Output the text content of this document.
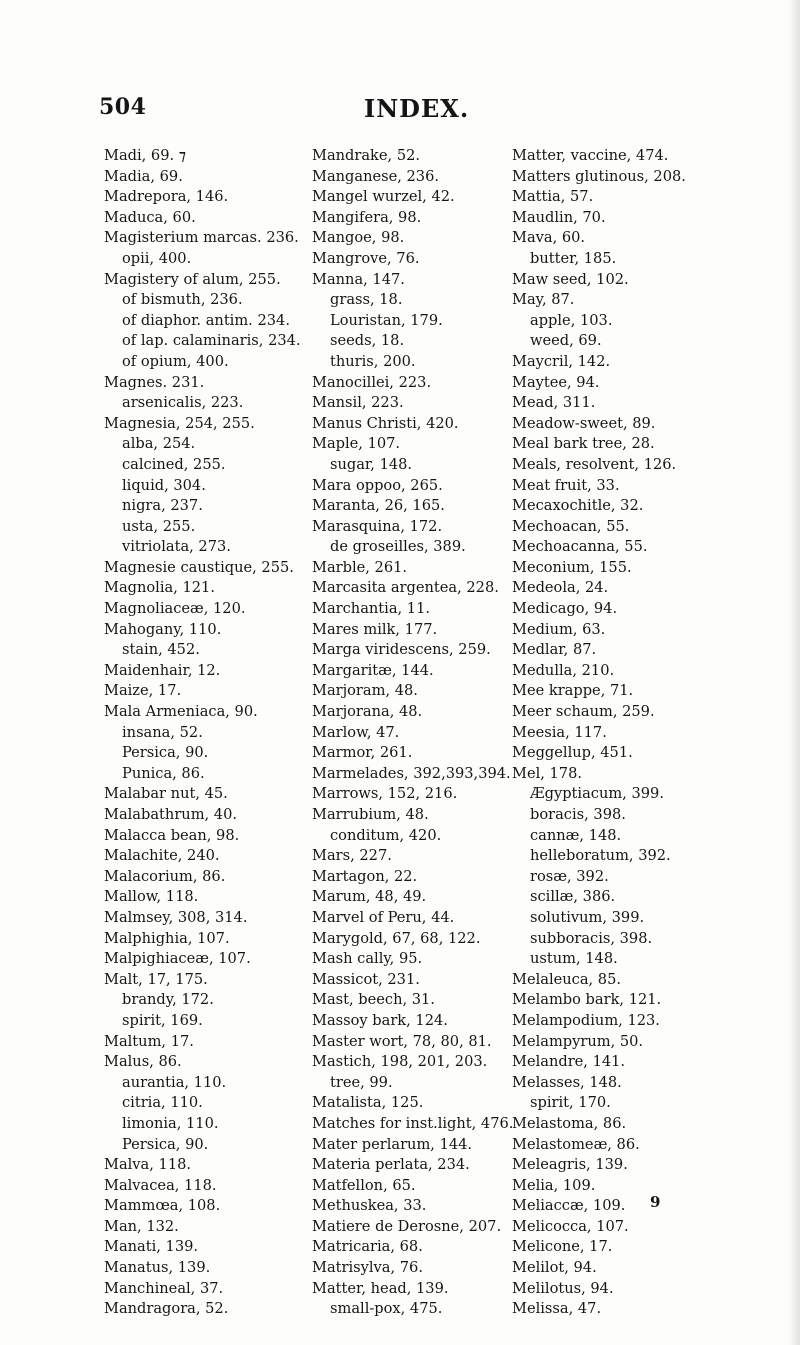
504	INDEX.
Madi, 69. ⁊
Madia, 69.
Madrepora, 146.
Maduca, 60.
Magisterium marcas. 236.
opii, 400.
Magistery of alum, 255.
of bismuth, 236.
of diaphor. antim. 234.
of lap. calaminaris, 234.
of opium, 400.
Magnes. 231.
arsenicalis, 223.
Magnesia, 254, 255.
alba, 254.
calcined, 255.
liquid, 304.
nigra, 237.
usta, 255.
vitriolata, 273.
Magnesie caustique, 255.
Magnolia, 121.
Magnoliaceæ, 120.
Mahogany, 110.
stain, 452.
Maidenhair, 12.
Maize, 17.
Mala Armeniaca, 90.
insana, 52.
Persica, 90.
Punica, 86.
Malabar nut, 45.
Malabathrum, 40.
Malacca bean, 98.
Malachite, 240.
Malacorium, 86.
Mallow, 118.
Malmsey, 308, 314.
Malphighia, 107.
Malpighiaceæ, 107.
Malt, 17, 175.
brandy, 172.
spirit, 169.
Maltum, 17.
Malus, 86.
aurantia, 110.
citria, 110.
limonia, 110.
Persica, 90.
Malva, 118.
Malvacea, 118.
Mammœa, 108.
Man, 132.
Manati, 139.
Manatus, 139.
Manchineal, 37.
Mandragora, 52.
Mandrake, 52.
Manganese, 236.
Mangel wurzel, 42.
Mangifera, 98.
Mangoe, 98.
Mangrove, 76.
Manna, 147.
grass, 18.
Louristan, 179.
seeds, 18.
thuris, 200.
Manocillei, 223.
Mansil, 223.
Manus Christi, 420.
Maple, 107.
sugar, 148.
Mara oppoo, 265.
Maranta, 26, 165.
Marasquina, 172.
de groseilles, 389.
Marble, 261.
Marcasita argentea, 228.
Marchantia, 11.
Mares milk, 177.
Marga viridescens, 259.
Margaritæ, 144.
Marjoram, 48.
Marjorana, 48.
Marlow, 47.
Marmor, 261.
Marmelades, 392,393,394.
Marrows, 152, 216.
Marrubium, 48.
conditum, 420.
Mars, 227.
Martagon, 22.
Marum, 48, 49.
Marvel of Peru, 44.
Marygold, 67, 68, 122.
Mash cally, 95.
Massicot, 231.
Mast, beech, 31.
Massoy bark, 124.
Master wort, 78, 80, 81.
Mastich, 198, 201, 203.
tree, 99.
Matalista, 125.
Matches for inst.light, 476.
Mater perlarum, 144.
Materia perlata, 234.
Matfellon, 65.
Methuskea, 33.
Matiere de Derosne, 207.
Matricaria, 68.
Matrisylva, 76.
Matter, head, 139.
small-pox, 475.
Matter, vaccine, 474.
Matters glutinous, 208.
Mattia, 57.
Maudlin, 70.
Mava, 60.
butter, 185.
Maw seed, 102.
May, 87.
apple, 103.
weed, 69.
Maycril, 142.
Maytee, 94.
Mead, 311.
Meadow-sweet, 89.
Meal bark tree, 28.
Meals, resolvent, 126.
Meat fruit, 33.
Mecaxochitle, 32.
Mechoacan, 55.
Mechoacanna, 55.
Meconium, 155.
Medeola, 24.
Medicago, 94.
Medium, 63.
Medlar, 87.
Medulla, 210.
Mee krappe, 71.
Meer schaum, 259.
Meesia, 117.
Meggellup, 451.
Mel, 178.
Ægyptiacum, 399.
boracis, 398.
cannæ, 148.
helleboratum, 392.
rosæ, 392.
scillæ, 386.
solutivum, 399.
subboracis, 398.
ustum, 148.
Melaleuca, 85.
Melambo bark, 121.
Melampodium, 123.
Melampyrum, 50.
Melandre, 141.
Melasses, 148.
spirit, 170.
Melastoma, 86.
Melastomeæ, 86.
Meleagris, 139.
Melia, 109.
Meliaccæ, 109.
Melicocca, 107.
Melicone, 17.
Melilot, 94.
Melilotus, 94.
Melissa, 47.
9
